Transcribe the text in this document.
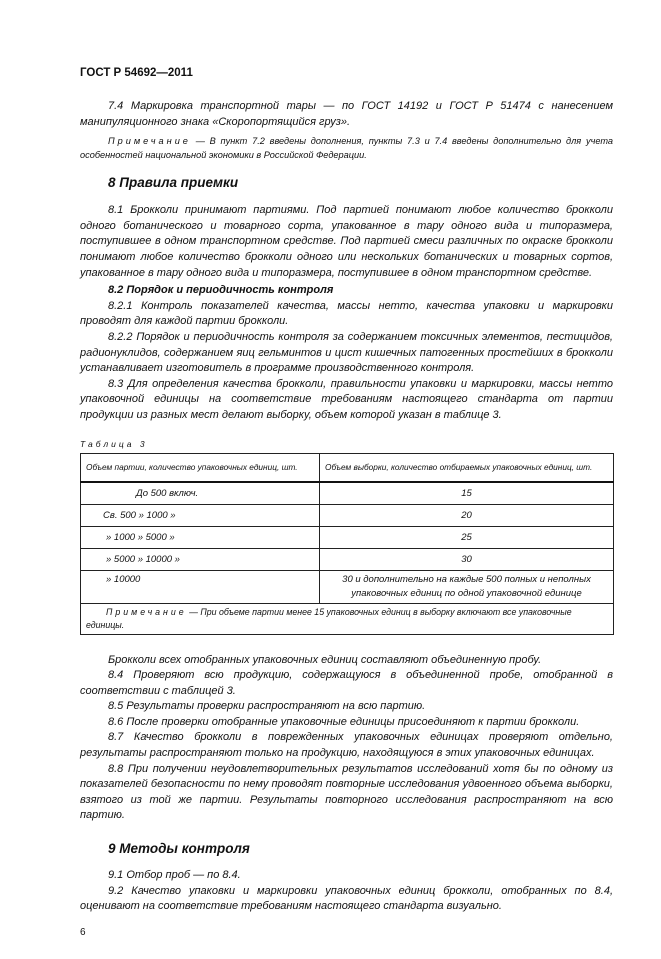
ГОСТ Р 54692—2011

7.4 Маркировка транспортной тары — по ГОСТ 14192 и ГОСТ Р 51474 с нанесением манипуляционного знака «Скоропортящийся груз».

Примечание — В пункт 7.2 введены дополнения, пункты 7.3 и 7.4 введены дополнительно для учета особенностей национальной экономики в Российской Федерации.

8 Правила приемки

8.1 Брокколи принимают партиями. Под партией понимают любое количество брокколи одного ботанического и товарного сорта, упакованное в тару одного вида и типоразмера, поступившее в одном транспортном средстве. Под партией смеси различных по окраске брокколи понимают любое количество брокколи одного или нескольких ботанических и товарных сортов, упакованное в тару одного вида и типоразмера, поступившее в одном транспортном средстве.

8.2 Порядок и периодичность контроля

8.2.1 Контроль показателей качества, массы нетто, качества упаковки и маркировки проводят для каждой партии брокколи.

8.2.2 Порядок и периодичность контроля за содержанием токсичных элементов, пестицидов, радионуклидов, содержанием яиц гельминтов и цист кишечных патогенных простейших в брокколи устанавливает изготовитель в программе производственного контроля.

8.3 Для определения качества брокколи, правильности упаковки и маркировки, массы нетто упаковочной единицы на соответствие требованиям настоящего стандарта от партии продукции из разных мест делают выборку, объем которой указан в таблице 3.

Таблица 3
Объем партии, количество упаковочных единиц, шт.	Объем выборки, количество отбираемых упаковочных единиц, шт.
До 500 включ.	15
Св. 500 » 1000 »	20
» 1000 » 5000 »	25
» 5000 » 10000 »	30
» 10000	30 и дополнительно на каждые 500 полных и неполных упаковочных единиц по одной упаковочной единице
Примечание — При объеме партии менее 15 упаковочных единиц в выборку включают все упаковочные единицы.	

Брокколи всех отобранных упаковочных единиц составляют объединенную пробу.

8.4 Проверяют всю продукцию, содержащуюся в объединенной пробе, отобранной в соответствии с таблицей 3.

8.5 Результаты проверки распространяют на всю партию.

8.6 После проверки отобранные упаковочные единицы присоединяют к партии брокколи.

8.7 Качество брокколи в поврежденных упаковочных единицах проверяют отдельно, результаты распространяют только на продукцию, находящуюся в этих упаковочных единицах.

8.8 При получении неудовлетворительных результатов исследований хотя бы по одному из показателей безопасности по нему проводят повторные исследования удвоенного объема выборки, взятого из той же партии. Результаты повторного исследования распространяют на всю партию.

9 Методы контроля

9.1 Отбор проб — по 8.4.

9.2 Качество упаковки и маркировки упаковочных единиц брокколи, отобранных по 8.4, оценивают на соответствие требованиям настоящего стандарта визуально.

6
